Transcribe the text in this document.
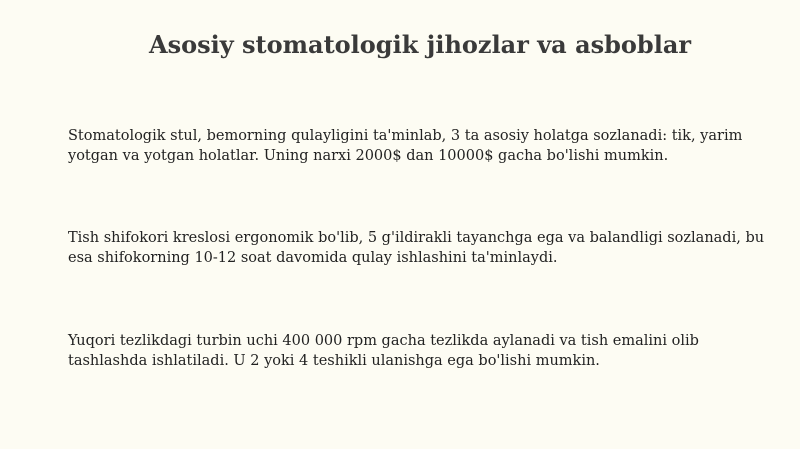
Asosiy stomatologik jihozlar va asboblar

Stomatologik stul, bemorning qulayligini ta'minlab, 3 ta asosiy holatga sozlanadi: tik, yarim yotgan va yotgan holatlar. Uning narxi 2000$ dan 10000$ gacha bo'lishi mumkin.

Tish shifokori kreslosi ergonomik bo'lib, 5 g'ildirakli tayanchga ega va balandligi sozlanadi, bu esa shifokorning 10-12 soat davomida qulay ishlashini ta'minlaydi.

Yuqori tezlikdagi turbin uchi 400 000 rpm gacha tezlikda aylanadi va tish emalini olib tashlashda ishlatiladi. U 2 yoki 4 teshikli ulanishga ega bo'lishi mumkin.
